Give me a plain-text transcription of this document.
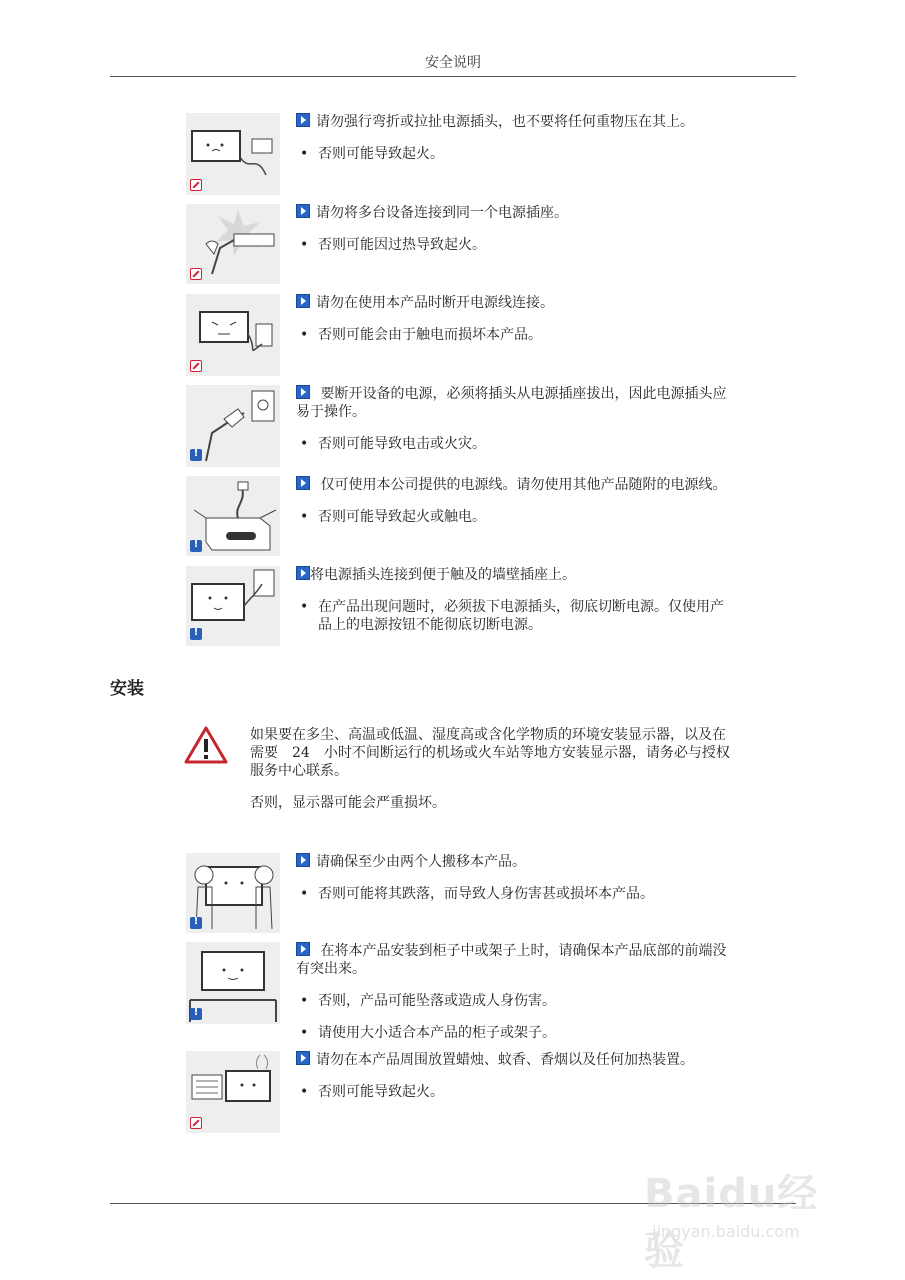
安全说明
请勿强行弯折或拉扯电源插头，也不要将任何重物压在其上。
• 否则可能导致起火。
请勿将多台设备连接到同一个电源插座。
• 否则可能因过热导致起火。
请勿在使用本产品时断开电源线连接。
• 否则可能会由于触电而损坏本产品。
!
要断开设备的电源，必须将插头从电源插座拔出，因此电源插头应易于操作。
• 否则可能导致电击或火灾。
!
仅可使用本公司提供的电源线。请勿使用其他产品随附的电源线。
• 否则可能导致起火或触电。
!
将电源插头连接到便于触及的墙壁插座上。
• 在产品出现问题时，必须拔下电源插头，彻底切断电源。仅使用产品上的电源按钮不能彻底切断电源。
安装

如果要在多尘、高温或低温、湿度高或含化学物质的环境安装显示器，以及在需要　24　小时不间断运行的机场或火车站等地方安装显示器，请务必与授权服务中心联系。

否则，显示器可能会严重损坏。

!
请确保至少由两个人搬移本产品。
• 否则可能将其跌落，而导致人身伤害甚或损坏本产品。
!
在将本产品安装到柜子中或架子上时，请确保本产品底部的前端没有突出来。
• 否则，产品可能坠落或造成人身伤害。
• 请使用大小适合本产品的柜子或架子。
请勿在本产品周围放置蜡烛、蚊香、香烟以及任何加热装置。
• 否则可能导致起火。
Baidu经验
jingyan.baidu.com
